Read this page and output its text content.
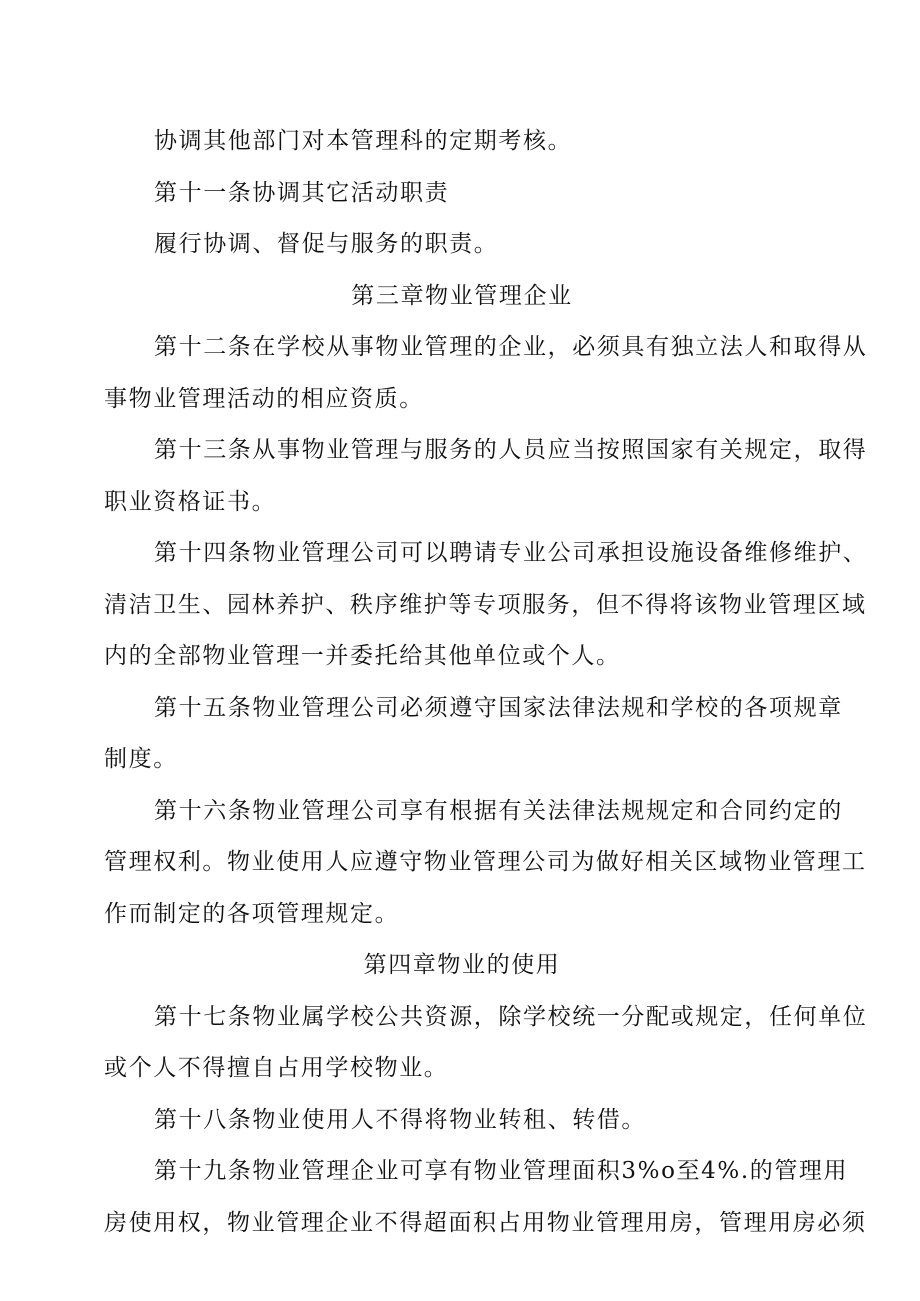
协调其他部门对本管理科的定期考核。
第十一条协调其它活动职责
履行协调、督促与服务的职责。
第三章物业管理企业
第十二条在学校从事物业管理的企业，必须具有独立法人和取得从
事物业管理活动的相应资质。
第十三条从事物业管理与服务的人员应当按照国家有关规定，取得
职业资格证书。
第十四条物业管理公司可以聘请专业公司承担设施设备维修维护、
清洁卫生、园林养护、秩序维护等专项服务，但不得将该物业管理区域
内的全部物业管理一并委托给其他单位或个人。
第十五条物业管理公司必须遵守国家法律法规和学校的各项规章
制度。
第十六条物业管理公司享有根据有关法律法规规定和合同约定的
管理权利。物业使用人应遵守物业管理公司为做好相关区域物业管理工
作而制定的各项管理规定。
第四章物业的使用
第十七条物业属学校公共资源，除学校统一分配或规定，任何单位
或个人不得擅自占用学校物业。
第十八条物业使用人不得将物业转租、转借。
第十九条物业管理企业可享有物业管理面积3%o至4%.的管理用
房使用权，物业管理企业不得超面积占用物业管理用房，管理用房必须
